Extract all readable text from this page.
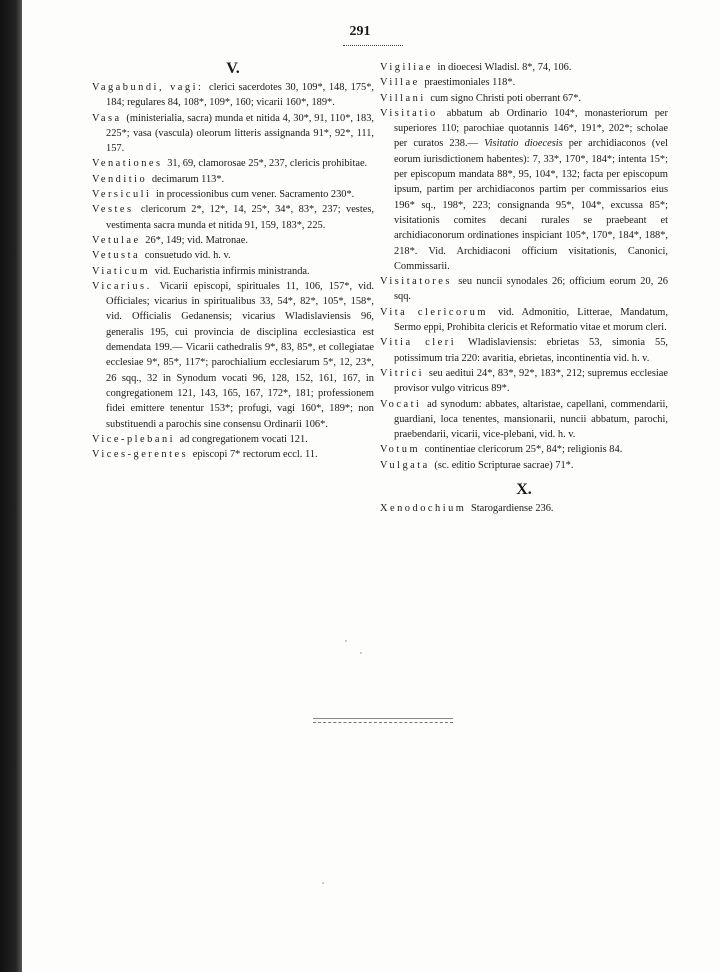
291
V.
Vagabundi, vagi: clerici sacerdotes 30, 109*, 148, 175*, 184; regulares 84, 108*, 109*, 160; vicarii 160*, 189*.
Vasa (ministerialia, sacra) munda et nitida 4, 30*, 91, 110*, 183, 225*; vasa (vascula) oleorum litteris assignanda 91*, 92*, 111, 157.
Venationes 31, 69, clamorosae 25*, 237, clericis prohibitae.
Venditio decimarum 113*.
Versiculi in processionibus cum vener. Sacramento 230*.
Vestes clericorum 2*, 12*, 14, 25*, 34*, 83*, 237; vestes, vestimenta sacra munda et nitida 91, 159, 183*, 225.
Vetulae 26*, 149; vid. Matronae.
Vetusta consuetudo vid. h. v.
Viaticum vid. Eucharistia infirmis ministranda.
Vicarius. Vicarii episcopi, spirituales 11, 106, 157*, vid. Officiales; vicarius in spiritualibus 33, 54*, 82*, 105*, 158*, vid. Officialis Gedanensis; vicarius Wladislaviensis 96, generalis 195, cui provincia de disciplina ecclesiastica est demendata 199.— Vicarii cathedralis 9*, 83, 85*, et collegiatae ecclesiae 9*, 85*, 117*; parochialium ecclesiarum 5*, 12, 23*, 26 sqq., 32 in Synodum vocati 96, 128, 152, 161, 167, in congregationem 121, 143, 165, 167, 172*, 181; professionem fidei emittere tenentur 153*; profugi, vagi 160*, 189*; non substituendi a parochis sine consensu Ordinarii 106*.
Vice-plebani ad congregationem vocati 121.
Vices-gerentes episcopi 7* rectorum eccl. 11.
Vigiliae in dioecesi Wladisl. 8*, 74, 106.
Villae praestimoniales 118*.
Villani cum signo Christi poti oberrant 67*.
Visitatio abbatum ab Ordinario 104*, monasteriorum per superiores 110; parochiae quotannis 146*, 191*, 202*; scholae per curatos 238.— Visitatio dioecesis per archidiaconos (vel eorum iurisdictionem habentes): 7, 33*, 170*, 184*; intenta 15*; per episcopum mandata 88*, 95, 104*, 132; facta per episcopum ipsum, partim per archidiaconos partim per commissarios eius 196* sq., 198*, 223; consignanda 95*, 104*, excussa 85*; visitationis comites decani rurales se praebeant et archidiaconorum ordinationes inspiciant 105*, 170*, 184*, 188*, 218*. Vid. Archidiaconi officium visitationis, Canonici, Commissarii.
Visitatores seu nuncii synodales 26; officium eorum 20, 26 sqq.
Vita clericorum vid. Admonitio, Litterae, Mandatum, Sermo eppi, Prohibita clericis et Reformatio vitae et morum cleri.
Vitia cleri Wladislaviensis: ebrietas 53, simonia 55, potissimum tria 220: avaritia, ebrietas, incontinentia vid. h. v.
Vitrici seu aeditui 24*, 83*, 92*, 183*, 212; supremus ecclesiae provisor vulgo vitricus 89*.
Vocati ad synodum: abbates, altaristae, capellani, commendarii, guardiani, loca tenentes, mansionarii, nuncii abbatum, parochi, praebendarii, vicarii, vice-plebani, vid. h. v.
Votum continentiae clericorum 25*, 84*; religionis 84.
Vulgata (sc. editio Scripturae sacrae) 71*.
X.
Xenodochium Starogardiense 236.
